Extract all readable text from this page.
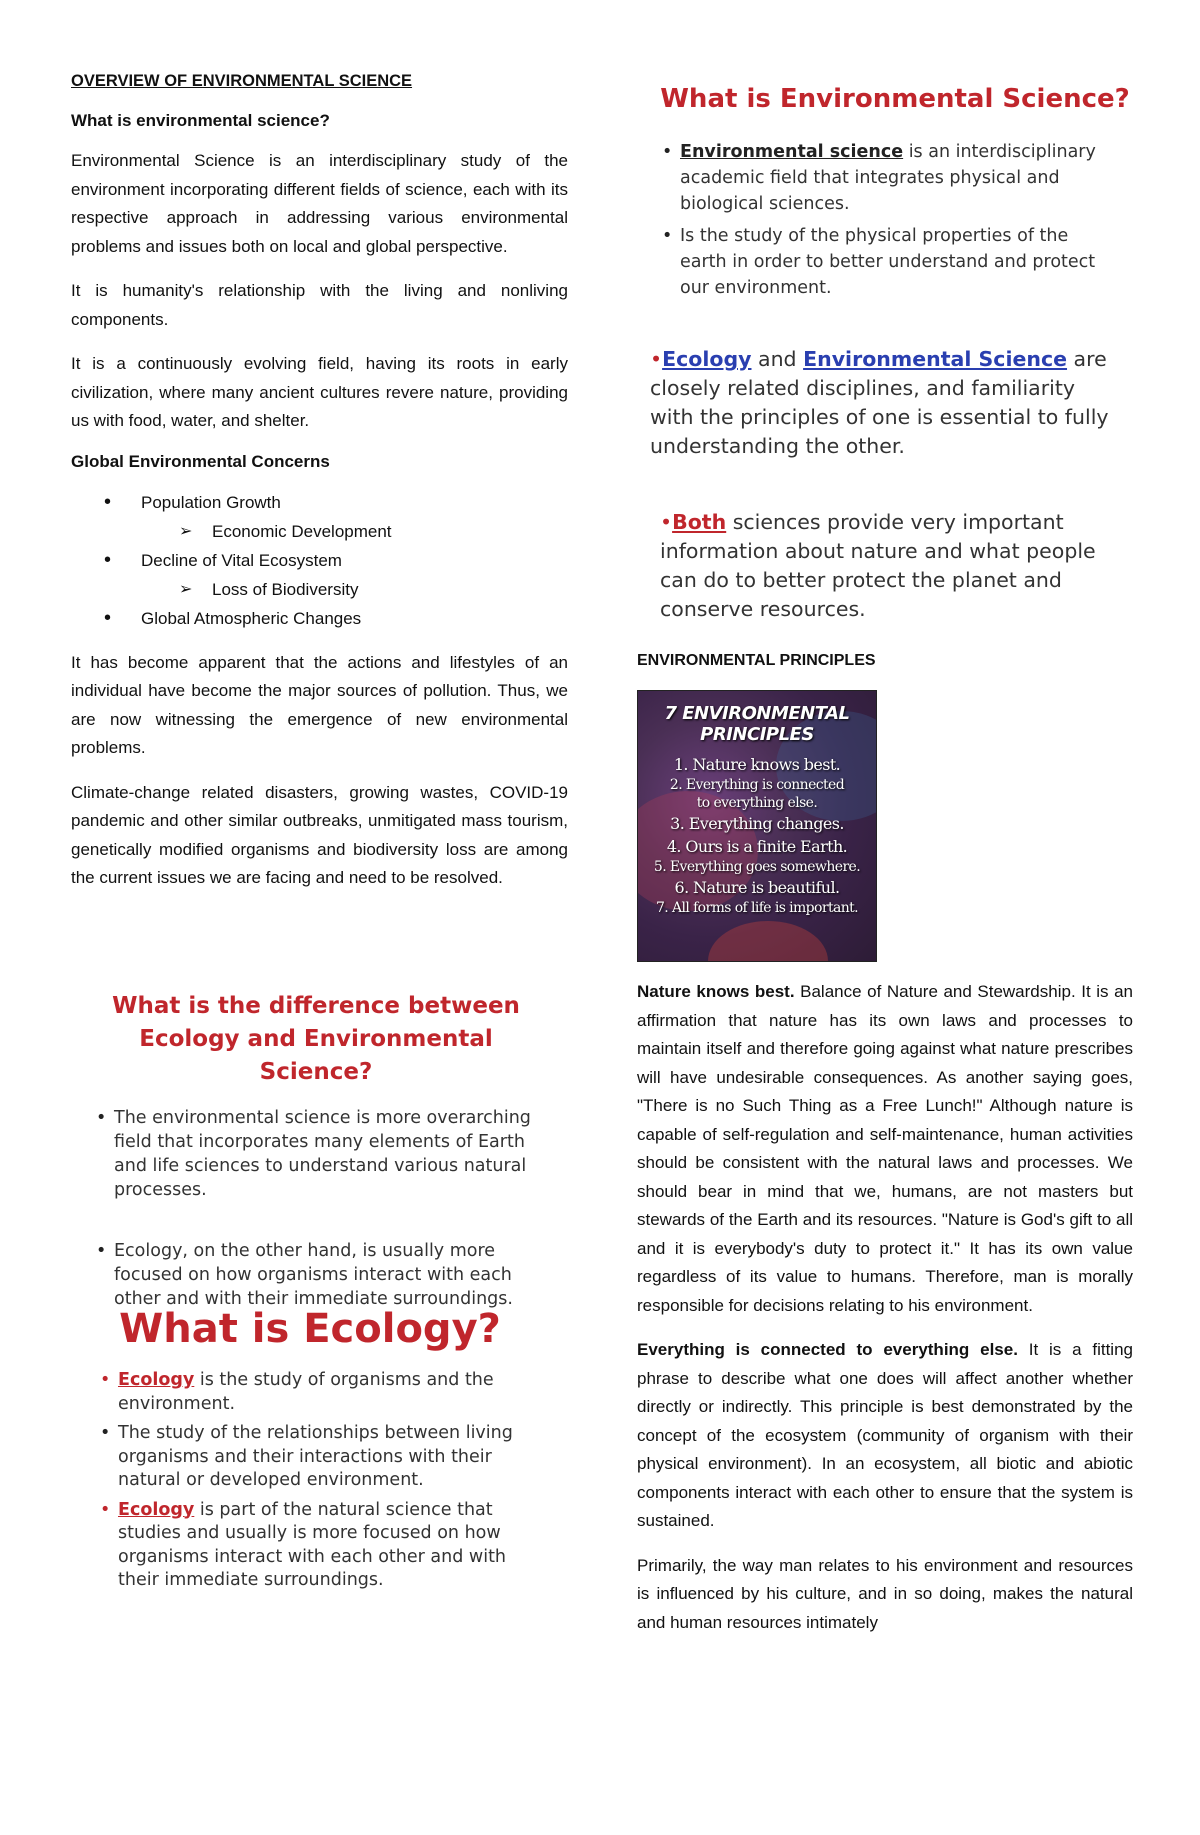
OVERVIEW OF ENVIRONMENTAL SCIENCE
What is environmental science?

Environmental Science is an interdisciplinary study of the environment incorporating different fields of science, each with its respective approach in addressing various environmental problems and issues both on local and global perspective.

It is humanity's relationship with the living and nonliving components.

It is a continuously evolving field, having its roots in early civilization, where many ancient cultures revere nature, providing us with food, water, and shelter.

Global Environmental Concerns
• Population Growth
➢ Economic Development
• Decline of Vital Ecosystem
➢ Loss of Biodiversity
• Global Atmospheric Changes

It has become apparent that the actions and lifestyles of an individual have become the major sources of pollution. Thus, we are now witnessing the emergence of new environmental problems.

Climate-change related disasters, growing wastes, COVID-19 pandemic and other similar outbreaks, unmitigated mass tourism, genetically modified organisms and biodiversity loss are among the current issues we are facing and need to be resolved.

What is the difference between
Ecology and Environmental Science?
• The environmental science is more overarching field that incorporates many elements of Earth and life sciences to understand various natural processes.
• Ecology, on the other hand, is usually more focused on how organisms interact with each other and with their immediate surroundings.
What is Ecology?
• Ecology is the study of organisms and the environment.
• The study of the relationships between living organisms and their interactions with their natural or developed environment.
• Ecology is part of the natural science that studies and usually is more focused on how organisms interact with each other and with their immediate surroundings.
What is Environmental Science?
• Environmental science is an interdisciplinary academic field that integrates physical and biological sciences.
• Is the study of the physical properties of the earth in order to better understand and protect our environment.
•Ecology and Environmental Science are closely related disciplines, and familiarity with the principles of one is essential to fully understanding the other.
•Both sciences provide very important information about nature and what people can do to better protect the planet and conserve resources.
ENVIRONMENTAL PRINCIPLES
7 ENVIRONMENTAL PRINCIPLES
1. Nature knows best.
2. Everything is connected
to everything else.
3. Everything changes.
4. Ours is a finite Earth.
5. Everything goes somewhere.
6. Nature is beautiful.
7. All forms of life is important.

Nature knows best. Balance of Nature and Stewardship. It is an affirmation that nature has its own laws and processes to maintain itself and therefore going against what nature prescribes will have undesirable consequences. As another saying goes, "There is no Such Thing as a Free Lunch!" Although nature is capable of self-regulation and self-maintenance, human activities should be consistent with the natural laws and processes. We should bear in mind that we, humans, are not masters but stewards of the Earth and its resources. "Nature is God's gift to all and it is everybody's duty to protect it." It has its own value regardless of its value to humans. Therefore, man is morally responsible for decisions relating to his environment.

Everything is connected to everything else. It is a fitting phrase to describe what one does will affect another whether directly or indirectly. This principle is best demonstrated by the concept of the ecosystem (community of organism with their physical environment). In an ecosystem, all biotic and abiotic components interact with each other to ensure that the system is sustained.

Primarily, the way man relates to his environment and resources is influenced by his culture, and in so doing, makes the natural and human resources intimately
